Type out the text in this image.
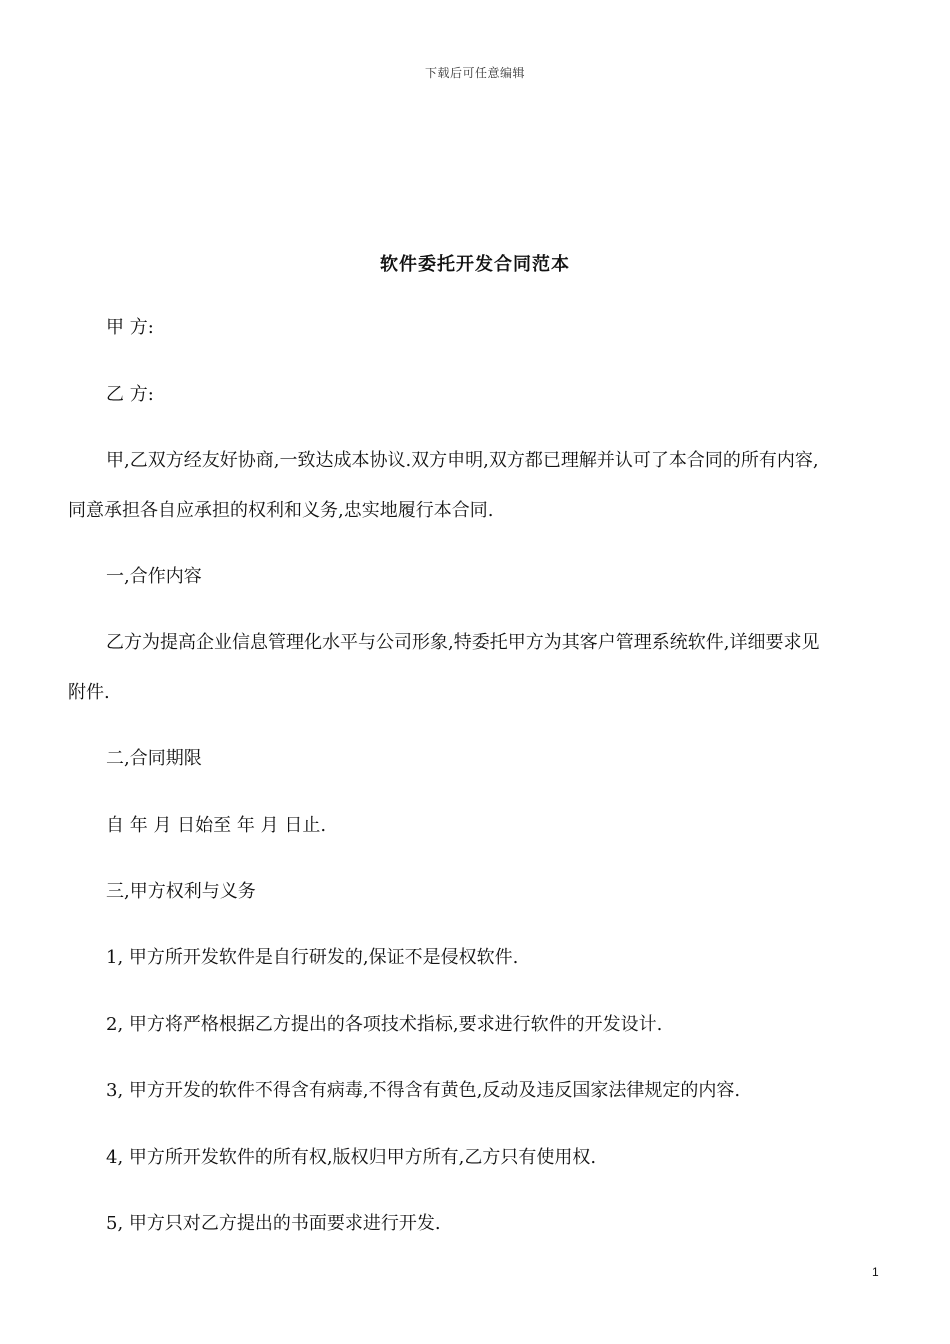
下载后可任意编辑
软件委托开发合同范本
甲 方:
乙 方:
甲,乙双方经友好协商,一致达成本协议.双方申明,双方都已理解并认可了本合同的所有内容,
同意承担各自应承担的权利和义务,忠实地履行本合同.
一,合作内容
乙方为提高企业信息管理化水平与公司形象,特委托甲方为其客户管理系统软件,详细要求见
附件.
二,合同期限
自 年 月 日始至 年 月 日止.
三,甲方权利与义务
1, 甲方所开发软件是自行研发的,保证不是侵权软件.
2, 甲方将严格根据乙方提出的各项技术指标,要求进行软件的开发设计.
3, 甲方开发的软件不得含有病毒,不得含有黄色,反动及违反国家法律规定的内容.
4, 甲方所开发软件的所有权,版权归甲方所有,乙方只有使用权.
5, 甲方只对乙方提出的书面要求进行开发.
1
